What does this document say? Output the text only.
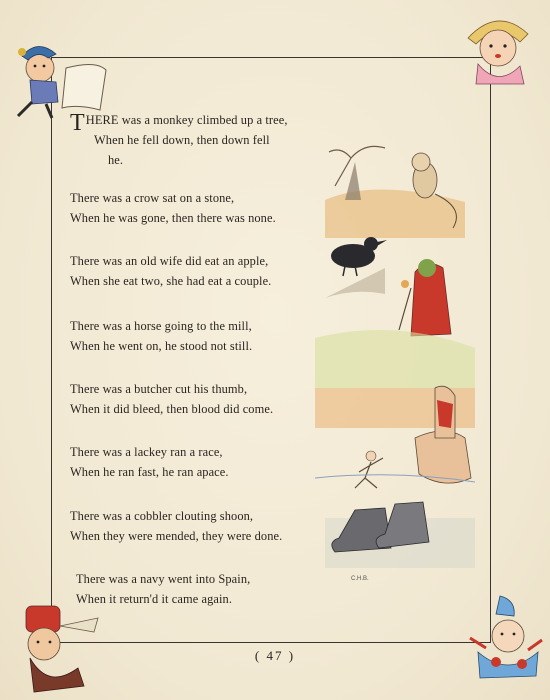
THERE was a monkey climbed up a tree,
When he fell down, then down fell
he.
There was a crow sat on a stone,
When he was gone, then there was none.
There was an old wife did eat an apple,
When she eat two, she had eat a couple.
There was a horse going to the mill,
When he went on, he stood not still.
There was a butcher cut his thumb,
When it did bleed, then blood did come.
There was a lackey ran a race,
When he ran fast, he ran apace.
There was a cobbler clouting shoon,
When they were mended, they were done.
There was a navy went into Spain,
When it return'd it came again.
( 47 )
C.H.B.
